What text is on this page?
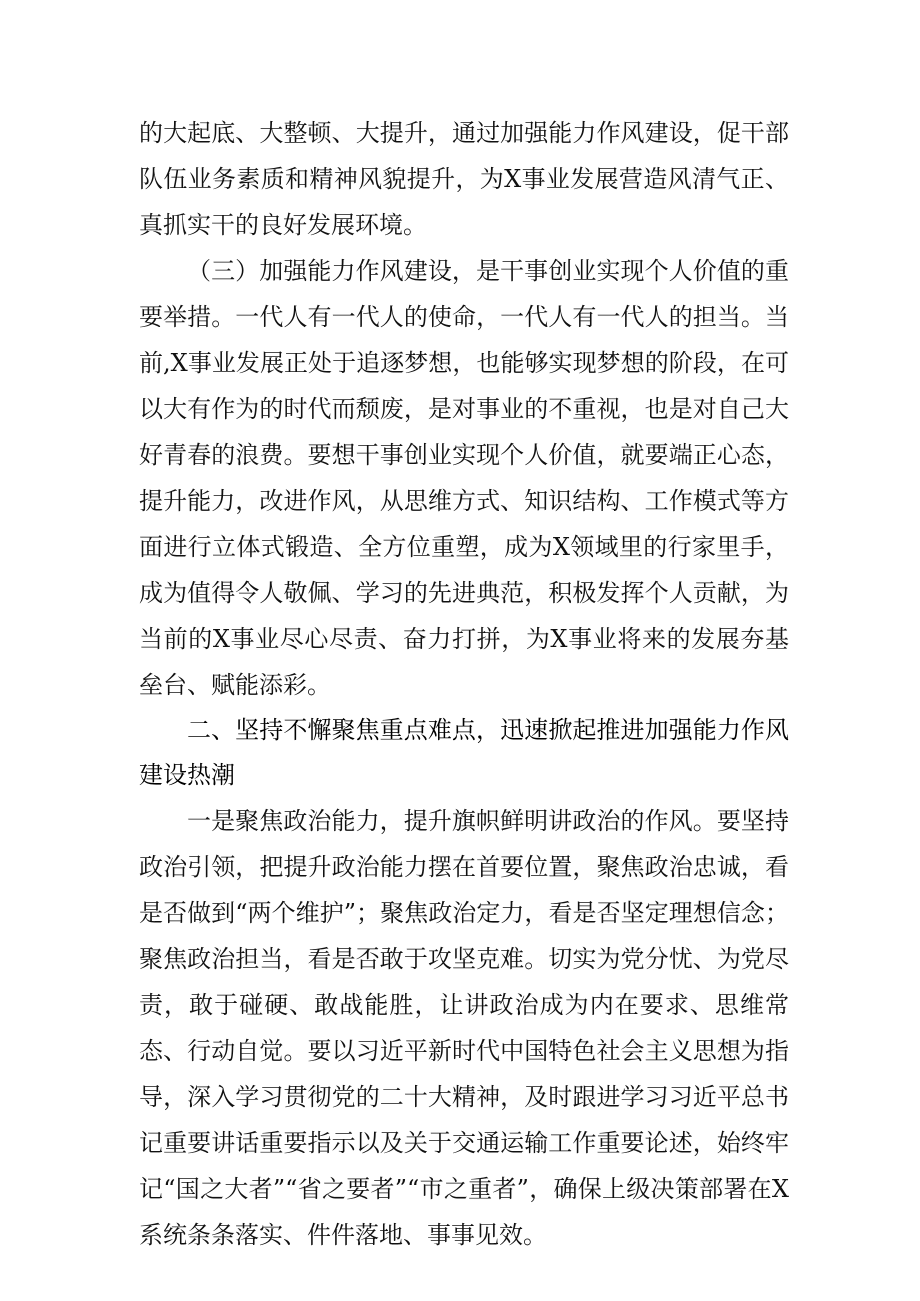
的大起底、大整顿、大提升，通过加强能力作风建设，促干部队伍业务素质和精神风貌提升，为X事业发展营造风清气正、真抓实干的良好发展环境。

（三）加强能力作风建设，是干事创业实现个人价值的重要举措。一代人有一代人的使命，一代人有一代人的担当。当前,X事业发展正处于追逐梦想，也能够实现梦想的阶段，在可以大有作为的时代而颓废，是对事业的不重视，也是对自己大好青春的浪费。要想干事创业实现个人价值，就要端正心态，提升能力，改进作风，从思维方式、知识结构、工作模式等方面进行立体式锻造、全方位重塑，成为X领域里的行家里手，成为值得令人敬佩、学习的先进典范，积极发挥个人贡献，为当前的X事业尽心尽责、奋力打拼，为X事业将来的发展夯基垒台、赋能添彩。

二、坚持不懈聚焦重点难点，迅速掀起推进加强能力作风建设热潮

一是聚焦政治能力，提升旗帜鲜明讲政治的作风。要坚持政治引领，把提升政治能力摆在首要位置，聚焦政治忠诚，看是否做到“两个维护”；聚焦政治定力，看是否坚定理想信念；聚焦政治担当，看是否敢于攻坚克难。切实为党分忧、为党尽责，敢于碰硬、敢战能胜，让讲政治成为内在要求、思维常态、行动自觉。要以习近平新时代中国特色社会主义思想为指导，深入学习贯彻党的二十大精神，及时跟进学习习近平总书记重要讲话重要指示以及关于交通运输工作重要论述，始终牢记“国之大者”“省之要者”“市之重者”，确保上级决策部署在X系统条条落实、件件落地、事事见效。
